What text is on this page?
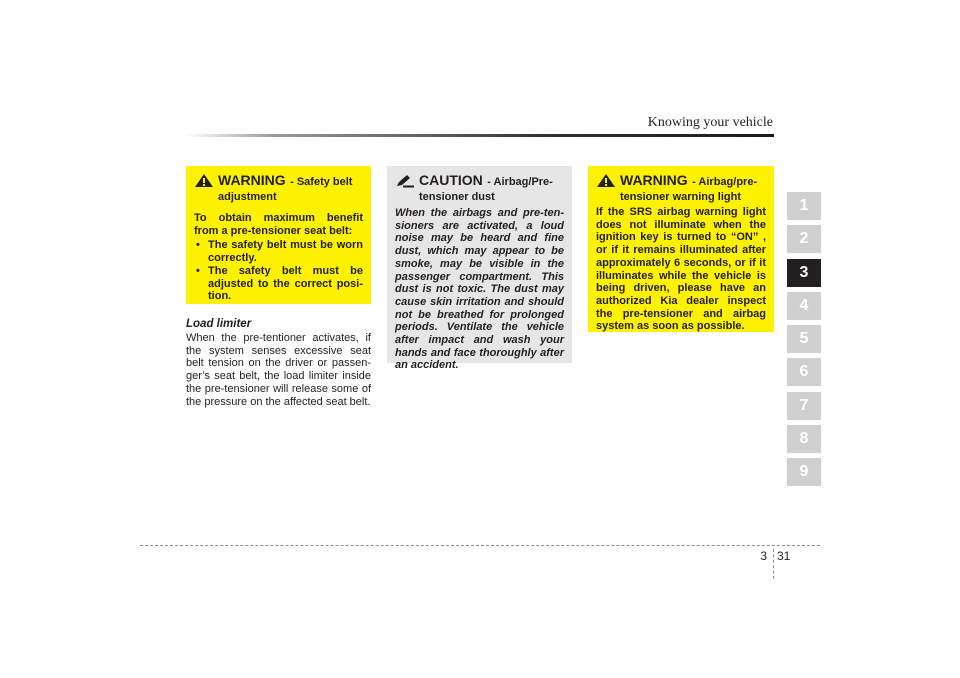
Knowing your vehicle
WARNING - Safety belt adjustment
To obtain maximum benefit from a pre-tensioner seat belt:
• The safety belt must be worn correctly.
• The safety belt must be adjusted to the correct posi-tion.
Load limiter
When the pre-tentioner activates, if the system senses excessive seat belt tension on the driver or passen-ger’s seat belt, the load limiter inside the pre-tensioner will release some of the pressure on the affected seat belt.
CAUTION - Airbag/Pre-tensioner dust
When the airbags and pre-ten-sioners are activated, a loud noise may be heard and fine dust, which may appear to be smoke, may be visible in the passenger compartment. This dust is not toxic. The dust may cause skin irritation and should not be breathed for prolonged periods. Ventilate the vehicle after impact and wash your hands and face thoroughly after an accident.
WARNING - Airbag/pre-tensioner warning light
If the SRS airbag warning light does not illuminate when the ignition key is turned to “ON” , or if it remains illuminated after approximately 6 seconds, or if it illuminates while the vehicle is being driven, please have an authorized Kia dealer inspect the pre-tensioner and airbag system as soon as possible.
1
2
3
4
5
6
7
8
9
3 31
